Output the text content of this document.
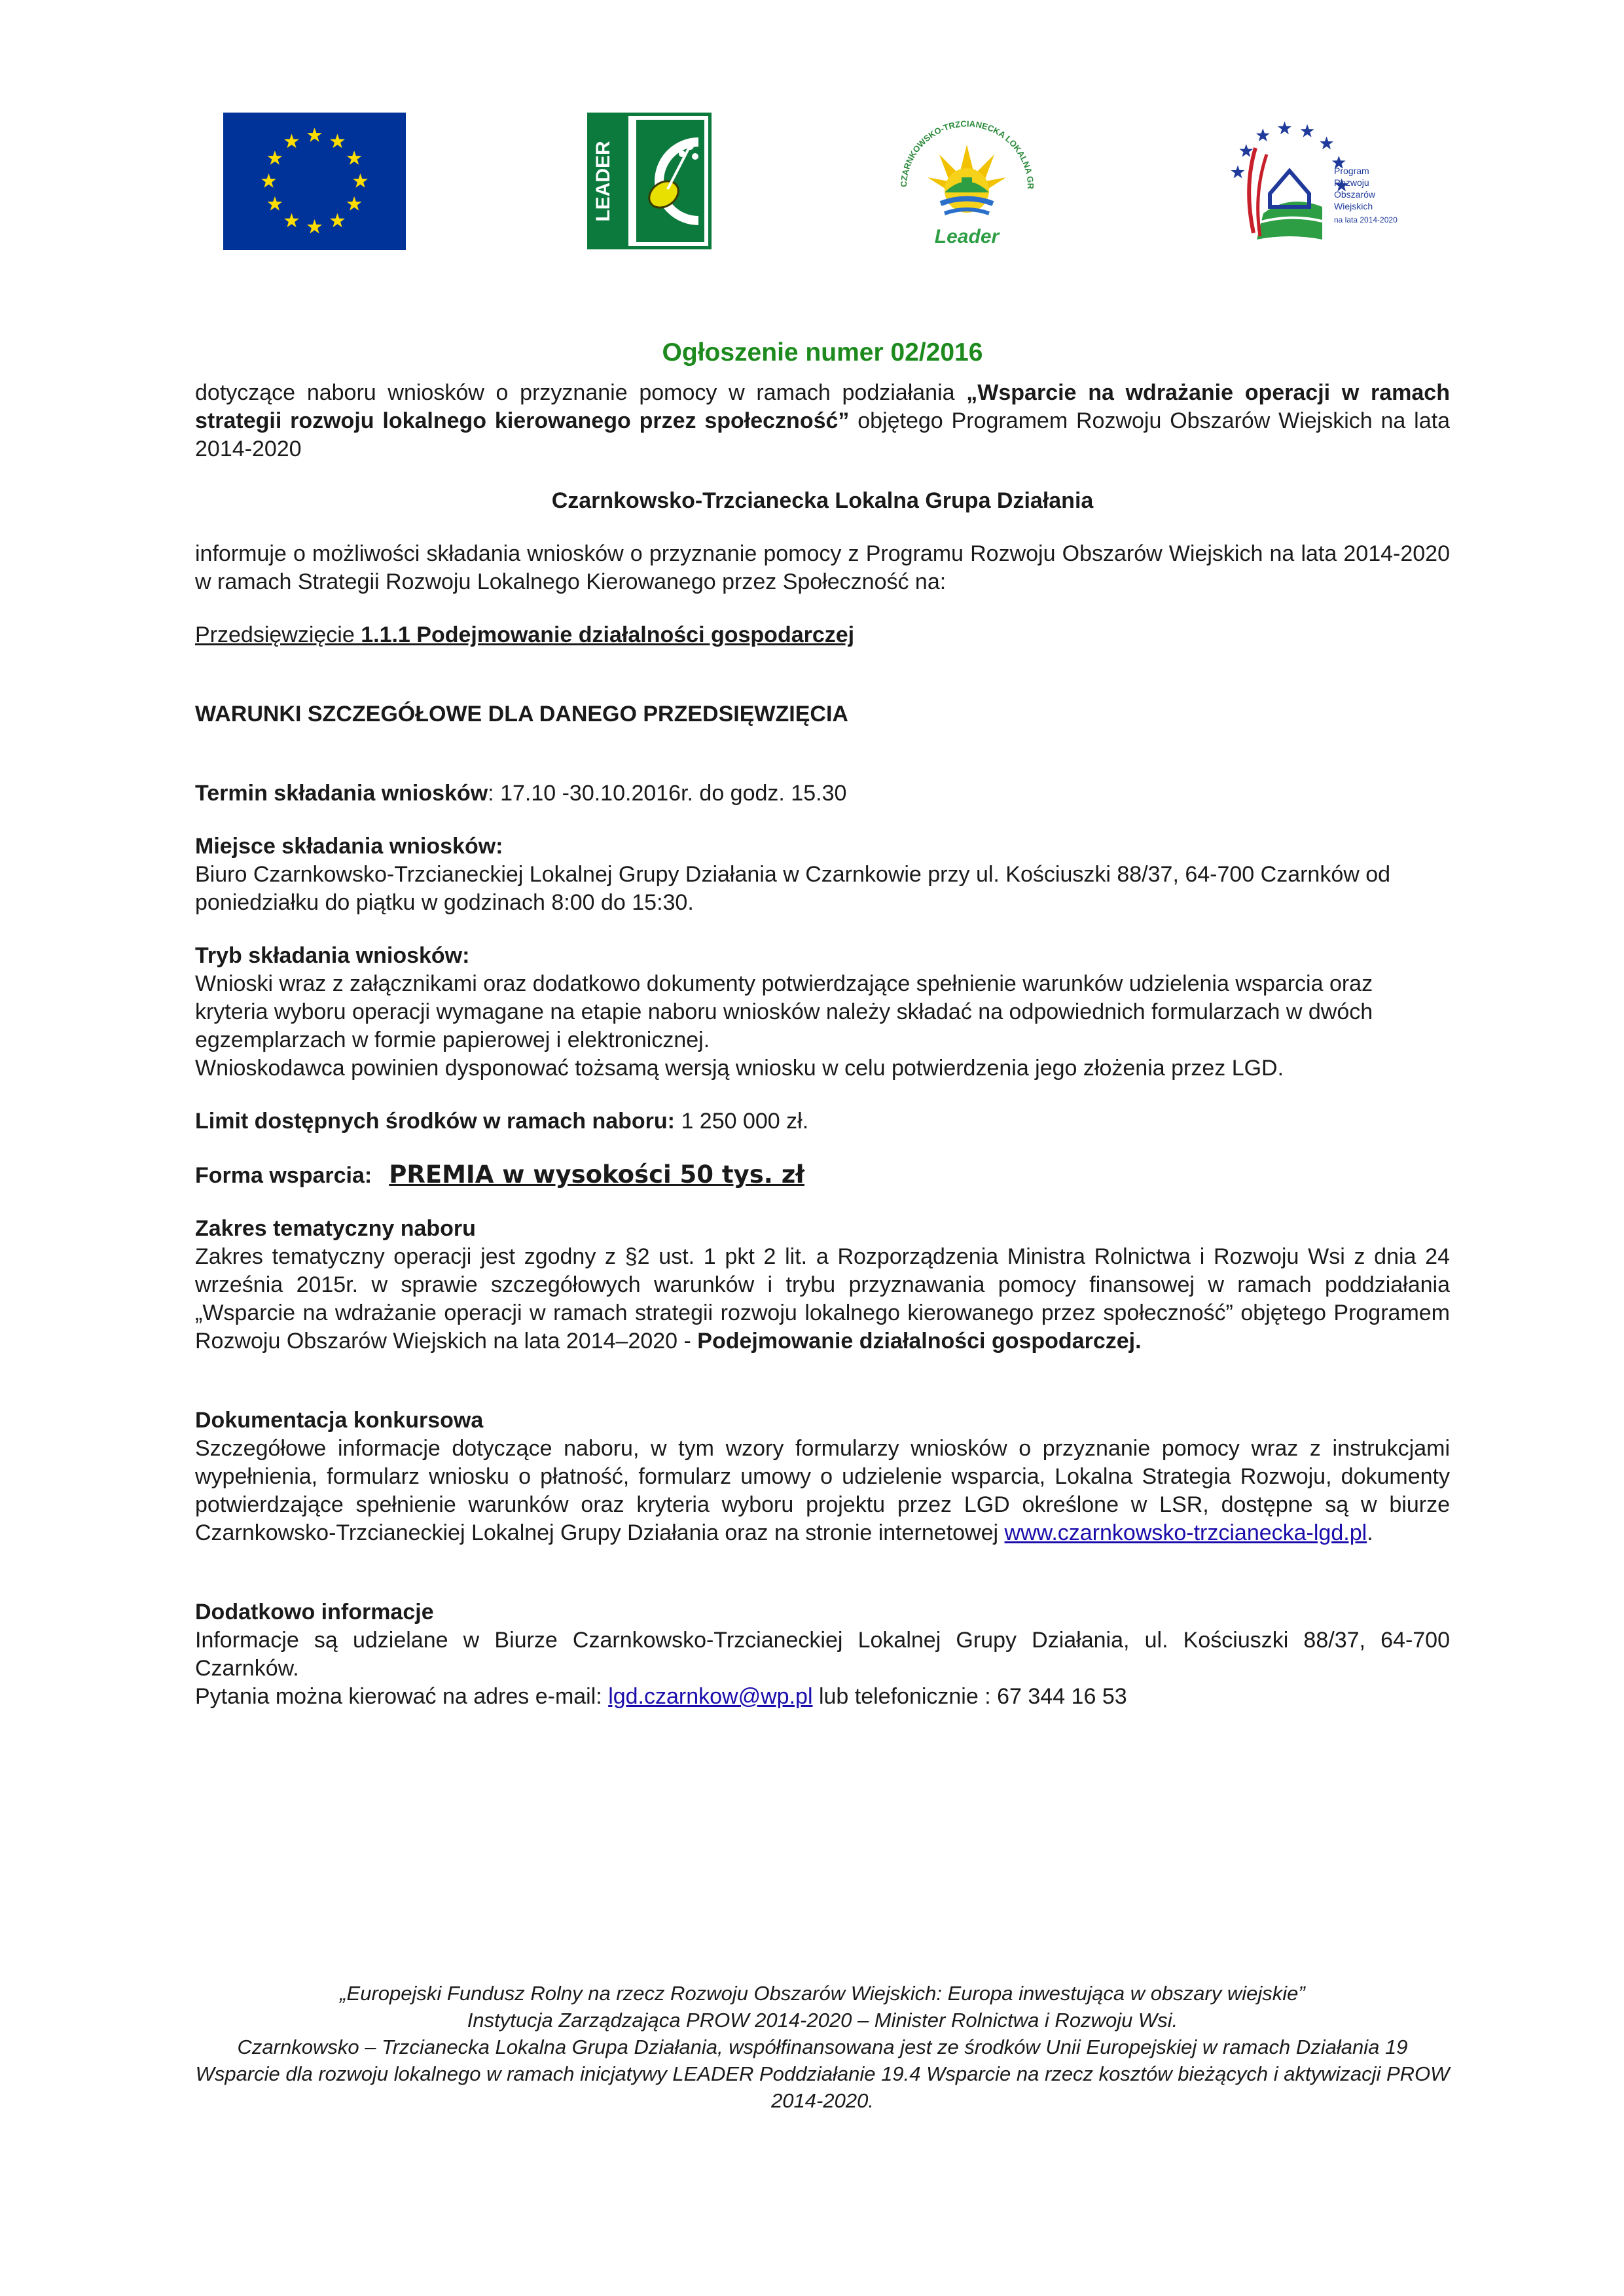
LEADER	CZARNKOWSKO-TRZCIANECKA LOKALNA GR
Leader
Program
Rozwoju
Obszarów
Wiejskich
na lata 2014-2020
Ogłoszenie numer 02/2016

dotyczące naboru wniosków o przyznanie pomocy w ramach podziałania „Wsparcie na wdrażanie operacji w ramach strategii rozwoju lokalnego kierowanego przez społeczność” objętego Programem Rozwoju Obszarów Wiejskich na lata 2014-2020

Czarnkowsko-Trzcianecka Lokalna Grupa Działania

informuje o możliwości składania wniosków o przyznanie pomocy z Programu Rozwoju Obszarów Wiejskich na lata 2014-2020 w ramach Strategii Rozwoju Lokalnego Kierowanego przez Społeczność na:

Przedsięwzięcie 1.1.1 Podejmowanie działalności gospodarczej

WARUNKI SZCZEGÓŁOWE DLA DANEGO PRZEDSIĘWZIĘCIA

Termin składania wniosków: 17.10 -30.10.2016r. do godz. 15.30

Miejsce składania wniosków:

Biuro Czarnkowsko-Trzcianeckiej Lokalnej Grupy Działania w Czarnkowie przy ul. Kościuszki 88/37, 64-700 Czarnków od poniedziałku do piątku w godzinach 8:00 do 15:30.

Tryb składania wniosków:

Wnioski wraz z załącznikami oraz dodatkowo dokumenty potwierdzające spełnienie warunków udzielenia wsparcia oraz kryteria wyboru operacji wymagane na etapie naboru wniosków należy składać na odpowiednich formularzach w dwóch egzemplarzach w formie papierowej i elektronicznej.

Wnioskodawca powinien dysponować tożsamą wersją wniosku w celu potwierdzenia jego złożenia przez LGD.

Limit dostępnych środków w ramach naboru: 1 250 000 zł.

Forma wsparcia: PREMIA w wysokości 50 tys. zł

Zakres tematyczny naboru

Zakres tematyczny operacji jest zgodny z §2 ust. 1 pkt 2 lit. a Rozporządzenia Ministra Rolnictwa i Rozwoju Wsi z dnia 24 września 2015r. w sprawie szczegółowych warunków i trybu przyznawania pomocy finansowej w ramach poddziałania „Wsparcie na wdrażanie operacji w ramach strategii rozwoju lokalnego kierowanego przez społeczność” objętego Programem Rozwoju Obszarów Wiejskich na lata 2014–2020 - Podejmowanie działalności gospodarczej.

Dokumentacja konkursowa

Szczegółowe informacje dotyczące naboru, w tym wzory formularzy wniosków o przyznanie pomocy wraz z instrukcjami wypełnienia, formularz wniosku o płatność, formularz umowy o udzielenie wsparcia, Lokalna Strategia Rozwoju, dokumenty potwierdzające spełnienie warunków oraz kryteria wyboru projektu przez LGD określone w LSR, dostępne są w biurze Czarnkowsko-Trzcianeckiej Lokalnej Grupy Działania oraz na stronie internetowej www.czarnkowsko-trzcianecka-lgd.pl.

Dodatkowo informacje

Informacje są udzielane w Biurze Czarnkowsko-Trzcianeckiej Lokalnej Grupy Działania, ul. Kościuszki 88/37, 64-700 Czarnków.

Pytania można kierować na adres e-mail: lgd.czarnkow@wp.pl lub telefonicznie : 67 344 16 53

„Europejski Fundusz Rolny na rzecz Rozwoju Obszarów Wiejskich: Europa inwestująca w obszary wiejskie”
Instytucja Zarządzająca PROW 2014-2020 – Minister Rolnictwa i Rozwoju Wsi.
Czarnkowsko – Trzcianecka Lokalna Grupa Działania, współfinansowana jest ze środków Unii Europejskiej w ramach Działania 19 Wsparcie dla rozwoju lokalnego w ramach inicjatywy LEADER Poddziałanie 19.4 Wsparcie na rzecz kosztów bieżących i aktywizacji PROW 2014-2020.
